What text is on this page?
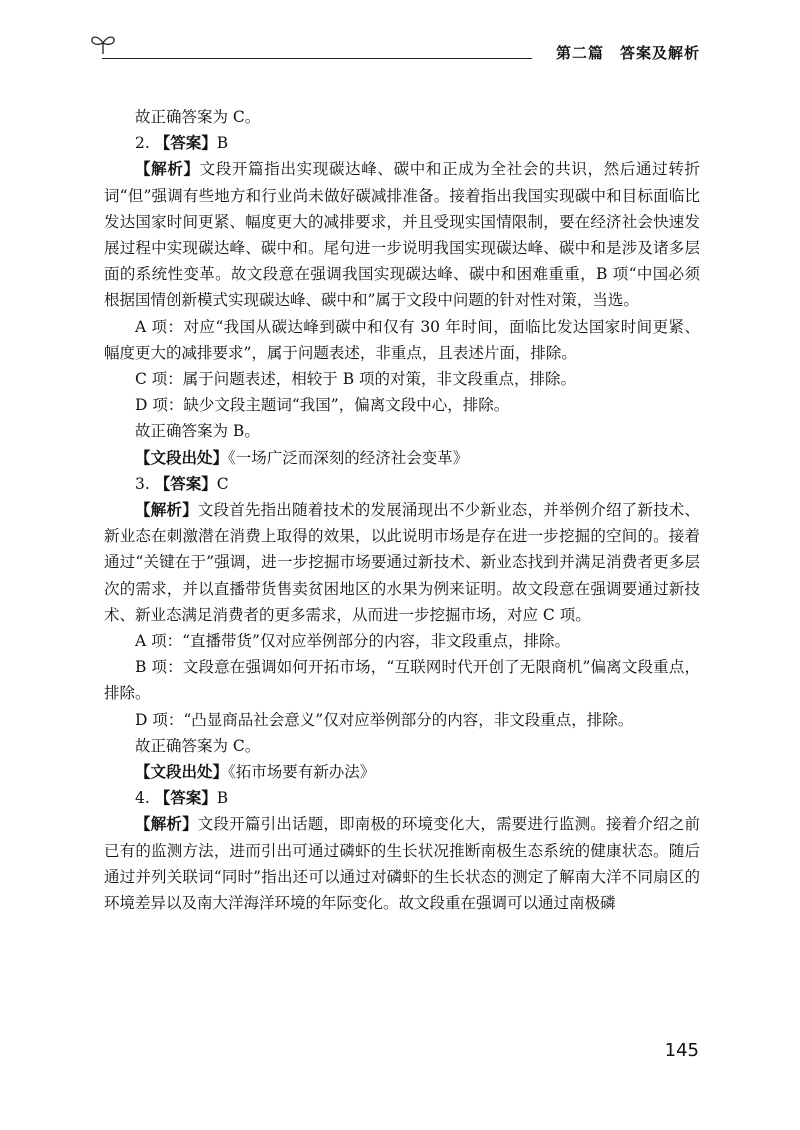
第二篇　答案及解析

故正确答案为 C。

2. 【答案】B

【解析】文段开篇指出实现碳达峰、碳中和正成为全社会的共识，然后通过转折词“但”强调有些地方和行业尚未做好碳减排准备。接着指出我国实现碳中和目标面临比发达国家时间更紧、幅度更大的减排要求，并且受现实国情限制，要在经济社会快速发展过程中实现碳达峰、碳中和。尾句进一步说明我国实现碳达峰、碳中和是涉及诸多层面的系统性变革。故文段意在强调我国实现碳达峰、碳中和困难重重，B 项“中国必须根据国情创新模式实现碳达峰、碳中和”属于文段中问题的针对性对策，当选。

A 项：对应“我国从碳达峰到碳中和仅有 30 年时间，面临比发达国家时间更紧、幅度更大的减排要求”，属于问题表述，非重点，且表述片面，排除。

C 项：属于问题表述，相较于 B 项的对策，非文段重点，排除。

D 项：缺少文段主题词“我国”，偏离文段中心，排除。

故正确答案为 B。

【文段出处】《一场广泛而深刻的经济社会变革》

3. 【答案】C

【解析】文段首先指出随着技术的发展涌现出不少新业态，并举例介绍了新技术、新业态在刺激潜在消费上取得的效果，以此说明市场是存在进一步挖掘的空间的。接着通过“关键在于”强调，进一步挖掘市场要通过新技术、新业态找到并满足消费者更多层次的需求，并以直播带货售卖贫困地区的水果为例来证明。故文段意在强调要通过新技术、新业态满足消费者的更多需求，从而进一步挖掘市场，对应 C 项。

A 项：“直播带货”仅对应举例部分的内容，非文段重点，排除。

B 项：文段意在强调如何开拓市场，“互联网时代开创了无限商机”偏离文段重点，排除。

D 项：“凸显商品社会意义”仅对应举例部分的内容，非文段重点，排除。

故正确答案为 C。

【文段出处】《拓市场要有新办法》

4. 【答案】B

【解析】文段开篇引出话题，即南极的环境变化大，需要进行监测。接着介绍之前已有的监测方法，进而引出可通过磷虾的生长状况推断南极生态系统的健康状态。随后通过并列关联词“同时”指出还可以通过对磷虾的生长状态的测定了解南大洋不同扇区的环境差异以及南大洋海洋环境的年际变化。故文段重在强调可以通过南极磷

145
